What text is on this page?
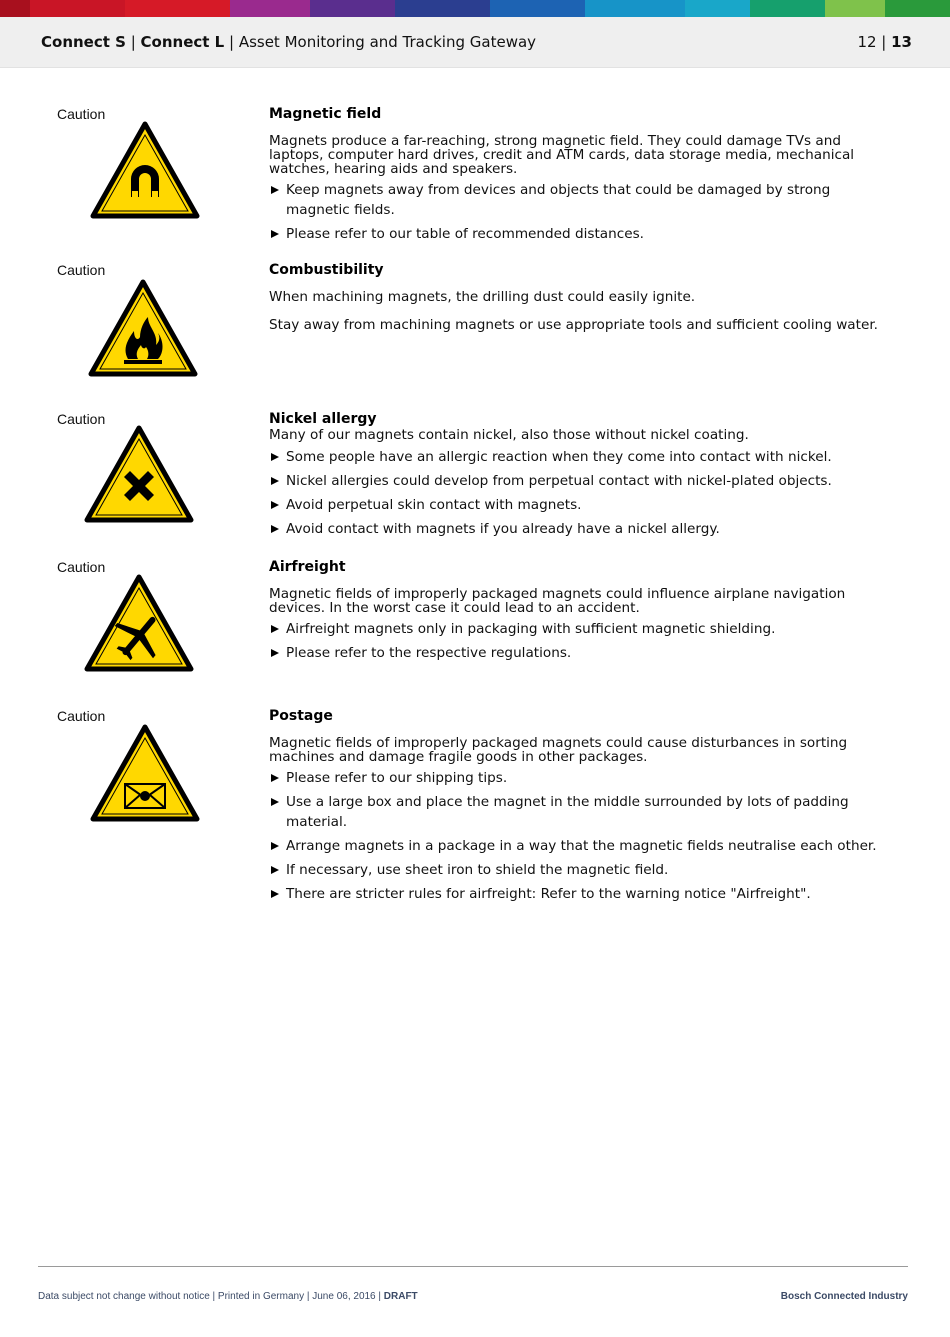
Connect S | Connect L | Asset Monitoring and Tracking Gateway	12 | 13
Caution	Magnetic field

Magnets produce a far-reaching, strong magnetic field. They could damage TVs and laptops, computer hard drives, credit and ATM cards, data storage media, mechanical watches, hearing aids and speakers.

Keep magnets away from devices and objects that could be damaged by strong magnetic fields.
Please refer to our table of recommended distances.
Caution	Combustibility

When machining magnets, the drilling dust could easily ignite.

Stay away from machining magnets or use appropriate tools and sufficient cooling water.

Caution	Nickel allergy

Many of our magnets contain nickel, also those without nickel coating.

Some people have an allergic reaction when they come into contact with nickel.
Nickel allergies could develop from perpetual contact with nickel-plated objects.
Avoid perpetual skin contact with magnets.
Avoid contact with magnets if you already have a nickel allergy.
Caution	Airfreight

Magnetic fields of improperly packaged magnets could influence airplane navigation devices. In the worst case it could lead to an accident.

Airfreight magnets only in packaging with sufficient magnetic shielding.
Please refer to the respective regulations.
Caution	Postage

Magnetic fields of improperly packaged magnets could cause disturbances in sorting machines and damage fragile goods in other packages.

Please refer to our shipping tips.
Use a large box and place the magnet in the middle surrounded by lots of padding material.
Arrange magnets in a package in a way that the magnetic fields neutralise each other.
If necessary, use sheet iron to shield the magnetic field.
There are stricter rules for airfreight: Refer to the warning notice "Airfreight".
Data subject not change without notice | Printed in Germany | June 06, 2016 | DRAFT	Bosch Connected Industry
